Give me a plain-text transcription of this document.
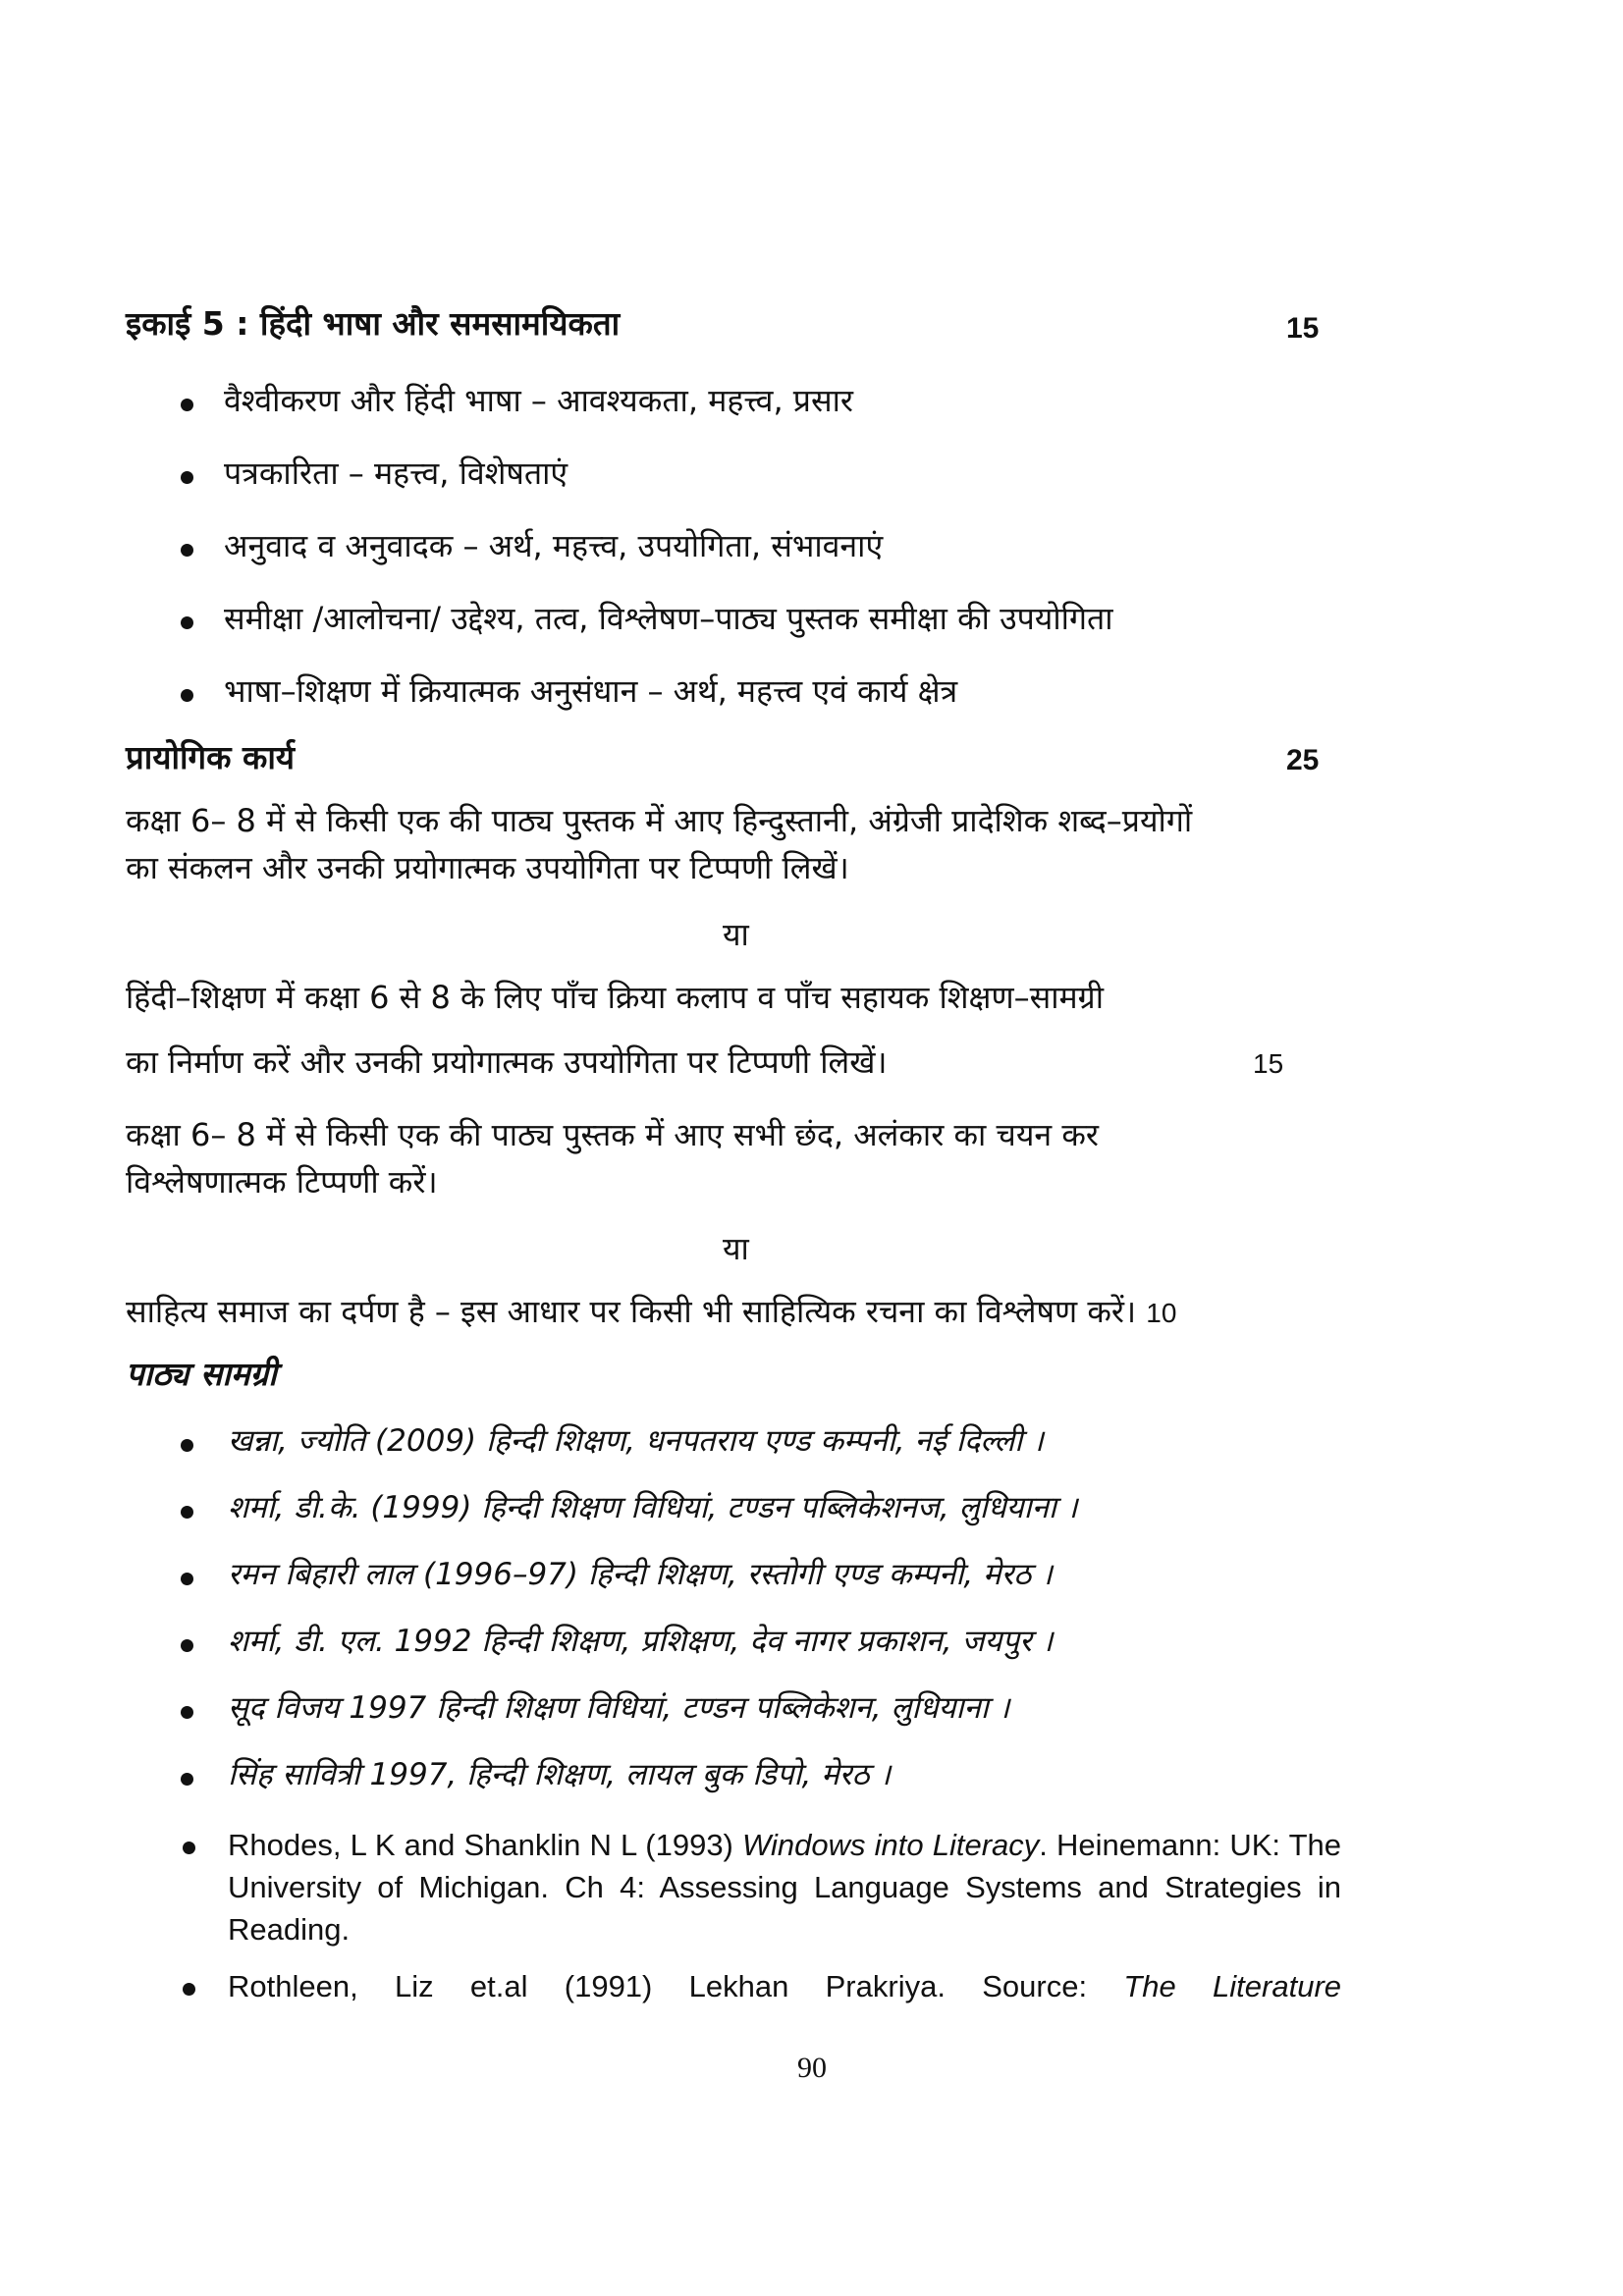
इकाई 5 : हिंदी भाषा और समसामयिकता	15
वैश्वीकरण और हिंदी भाषा – आवश्यकता, महत्त्व, प्रसार
पत्रकारिता – महत्त्व, विशेषताएं
अनुवाद व अनुवादक – अर्थ, महत्त्व, उपयोगिता, संभावनाएं
समीक्षा /आलोचना/ उद्देश्य, तत्व, विश्लेषण–पाठ्य पुस्तक समीक्षा की उपयोगिता
भाषा–शिक्षण में क्रियात्मक अनुसंधान – अर्थ, महत्त्व एवं कार्य क्षेत्र
प्रायोगिक कार्य	25
कक्षा 6– 8 में से किसी एक की पाठ्य पुस्तक में आए हिन्दुस्तानी, अंग्रेजी प्रादेशिक शब्द–प्रयोगों
का संकलन और उनकी प्रयोगात्मक उपयोगिता पर टिप्पणी लिखें।
या
हिंदी–शिक्षण में कक्षा 6 से 8 के लिए पाँच क्रिया कलाप व पाँच सहायक शिक्षण–सामग्री
का निर्माण करें और उनकी प्रयोगात्मक उपयोगिता पर टिप्पणी लिखें।	15
कक्षा 6– 8 में से किसी एक की पाठ्य पुस्तक में आए सभी छंद, अलंकार का चयन कर
विश्लेषणात्मक टिप्पणी करें।
या
साहित्य समाज का दर्पण है – इस आधार पर किसी भी साहित्यिक रचना का विश्लेषण करें। 10
पाठ्य सामग्री
खन्ना, ज्योति (2009) हिन्दी शिक्षण, धनपतराय एण्ड कम्पनी, नई दिल्ली ।
शर्मा, डी.के. (1999) हिन्दी शिक्षण विधियां, टण्डन पब्लिकेशनज, लुधियाना ।
रमन बिहारी लाल (1996–97) हिन्दी शिक्षण, रस्तोगी एण्ड कम्पनी, मेरठ ।
शर्मा, डी. एल. 1992 हिन्दी शिक्षण, प्रशिक्षण, देव नागर प्रकाशन, जयपुर ।
सूद विजय 1997 हिन्दी शिक्षण विधियां, टण्डन पब्लिकेशन, लुधियाना ।
सिंह सावित्री 1997, हिन्दी शिक्षण, लायल बुक डिपो, मेरठ ।
Rhodes, L K and Shanklin N L (1993) Windows into Literacy. Heinemann: UK: The University of Michigan. Ch 4: Assessing Language Systems and Strategies in Reading.
Rothleen, Liz et.al (1991) Lekhan Prakriya. Source: The Literature
90
